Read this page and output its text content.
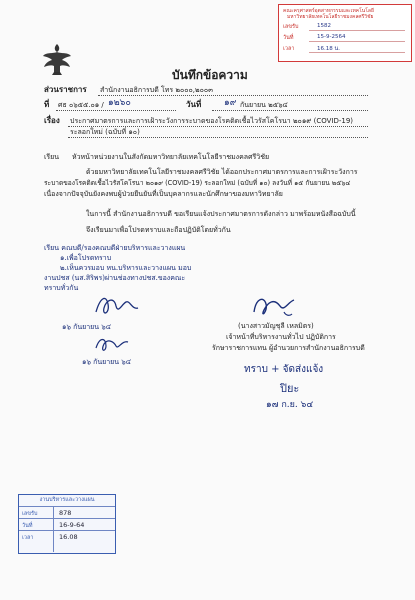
คณะครุศาสตร์อุตสาหกรรมและเทคโนโลยี
มหาวิทยาลัยเทคโนโลยีราชมงคลศรีวิชัย
เลขรับ	1582
วันที่	15-9-2564
เวลา	16.18 น.
บันทึกข้อความ
ส่วนราชการ สำนักงานอธิการบดี โทร ๒๐๐๐,๒๐๐๓
ที่ ศธ ๐๖๕๕.๐๑ / ๑๒๖๐	วันที่	๑๙ กันยายน ๒๕๖๔
เรื่อง ประกาศมาตรการและการเฝ้าระวังการระบาดของโรคติดเชื้อไวรัสโคโรนา ๒๐๑๙ (COVID-19)
ระลอกใหม่ (ฉบับที่ ๑๐)
เรียน หัวหน้าหน่วยงานในสังกัดมหาวิทยาลัยเทคโนโลยีราชมงคลศรีวิชัย
ด้วยมหาวิทยาลัยเทคโนโลยีราชมงคลศรีวิชัย ได้ออกประกาศมาตรการและการเฝ้าระวังการ
ระบาดของโรคติดเชื้อไวรัสโคโรนา ๒๐๑๙ (COVID-19) ระลอกใหม่ (ฉบับที่ ๑๐) ลงวันที่ ๑๕ กันยายน ๒๕๖๔
เนื่องจากปัจจุบันยังคงพบผู้ป่วยยืนยันที่เป็นบุคลากรและนักศึกษาของมหาวิทยาลัย
ในการนี้ สำนักงานอธิการบดี ขอเรียนแจ้งประกาศมาตรการดังกล่าว มาพร้อมหนังสือฉบับนี้
จึงเรียนมาเพื่อโปรดทราบและถือปฏิบัติโดยทั่วกัน
เรียน คณบดี/รองคณบดีฝ่ายบริหารและวางแผน
๑.เพื่อโปรดทราบ
๒.เห็นควรมอบ หน.บริหารและวางแผน มอบ
งานปชส (นส.สิริพร)ผ่านช่องทางปชส.ของคณะ
ทราบทั่วกัน
๑๖ กันยายน ๖๔
๑๖ กันยายน ๖๔
(นางสาวมัญชุลี เหลมิตร)
เจ้าหน้าที่บริหารงานทั่วไป ปฏิบัติการ
รักษาราชการแทน ผู้อำนวยการสำนักงานอธิการบดี
ทราบ + จัดส่งแจ้ง
ปิยะ
๑๗ ก.ย. ๖๔
งานบริหารและวางแผน
เลขรับ	878
วันที่	16-9-64
เวลา	16.08
